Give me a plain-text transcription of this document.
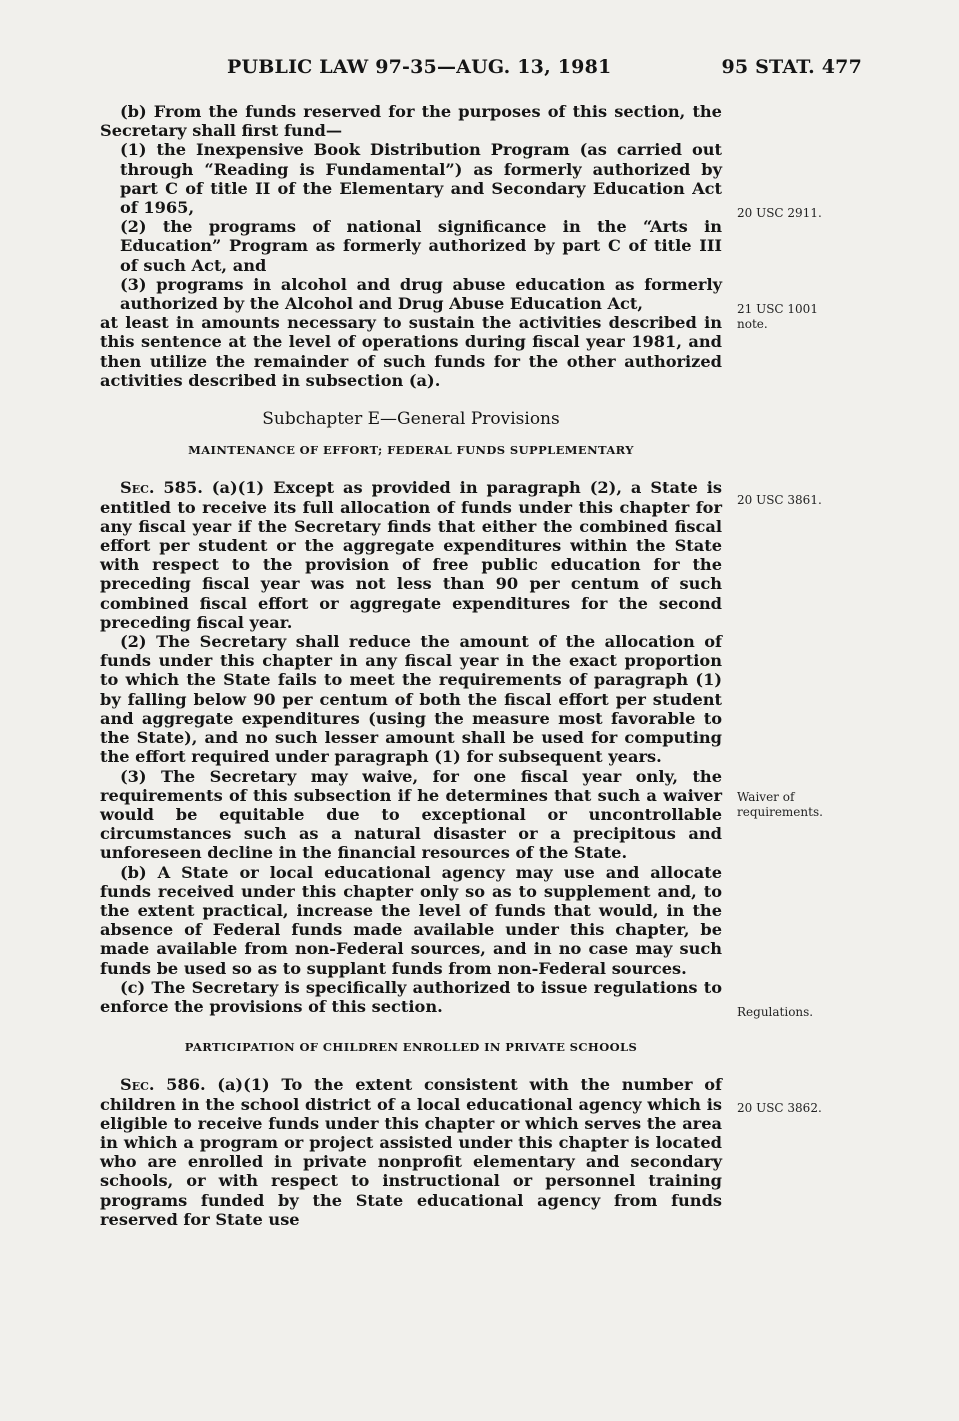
PUBLIC LAW 97-35—AUG. 13, 1981	95 STAT. 477

(b) From the funds reserved for the purposes of this section, the Secretary shall first fund—

(1) the Inexpensive Book Distribution Program (as carried out through “Reading is Fundamental”) as formerly authorized by part C of title II of the Elementary and Secondary Education Act of 1965,

(2) the programs of national significance in the “Arts in Education” Program as formerly authorized by part C of title III of such Act, and

(3) programs in alcohol and drug abuse education as formerly authorized by the Alcohol and Drug Abuse Education Act,

at least in amounts necessary to sustain the activities described in this sentence at the level of operations during fiscal year 1981, and then utilize the remainder of such funds for the other authorized activities described in subsection (a).

Subchapter E—General Provisions
MAINTENANCE OF EFFORT; FEDERAL FUNDS SUPPLEMENTARY

Sec. 585. (a)(1) Except as provided in paragraph (2), a State is entitled to receive its full allocation of funds under this chapter for any fiscal year if the Secretary finds that either the combined fiscal effort per student or the aggregate expenditures within the State with respect to the provision of free public education for the preceding fiscal year was not less than 90 per centum of such combined fiscal effort or aggregate expenditures for the second preceding fiscal year.

(2) The Secretary shall reduce the amount of the allocation of funds under this chapter in any fiscal year in the exact proportion to which the State fails to meet the requirements of paragraph (1) by falling below 90 per centum of both the fiscal effort per student and aggregate expenditures (using the measure most favorable to the State), and no such lesser amount shall be used for computing the effort required under paragraph (1) for subsequent years.

(3) The Secretary may waive, for one fiscal year only, the requirements of this subsection if he determines that such a waiver would be equitable due to exceptional or uncontrollable circumstances such as a natural disaster or a precipitous and unforeseen decline in the financial resources of the State.

(b) A State or local educational agency may use and allocate funds received under this chapter only so as to supplement and, to the extent practical, increase the level of funds that would, in the absence of Federal funds made available under this chapter, be made available from non-Federal sources, and in no case may such funds be used so as to supplant funds from non-Federal sources.

(c) The Secretary is specifically authorized to issue regulations to enforce the provisions of this section.

PARTICIPATION OF CHILDREN ENROLLED IN PRIVATE SCHOOLS

Sec. 586. (a)(1) To the extent consistent with the number of children in the school district of a local educational agency which is eligible to receive funds under this chapter or which serves the area in which a program or project assisted under this chapter is located who are enrolled in private nonprofit elementary and secondary schools, or with respect to instructional or personnel training programs funded by the State educational agency from funds reserved for State use

20 USC 2911.
21 USC 1001 note.
20 USC 3861.
Waiver of requirements.
Regulations.
20 USC 3862.
